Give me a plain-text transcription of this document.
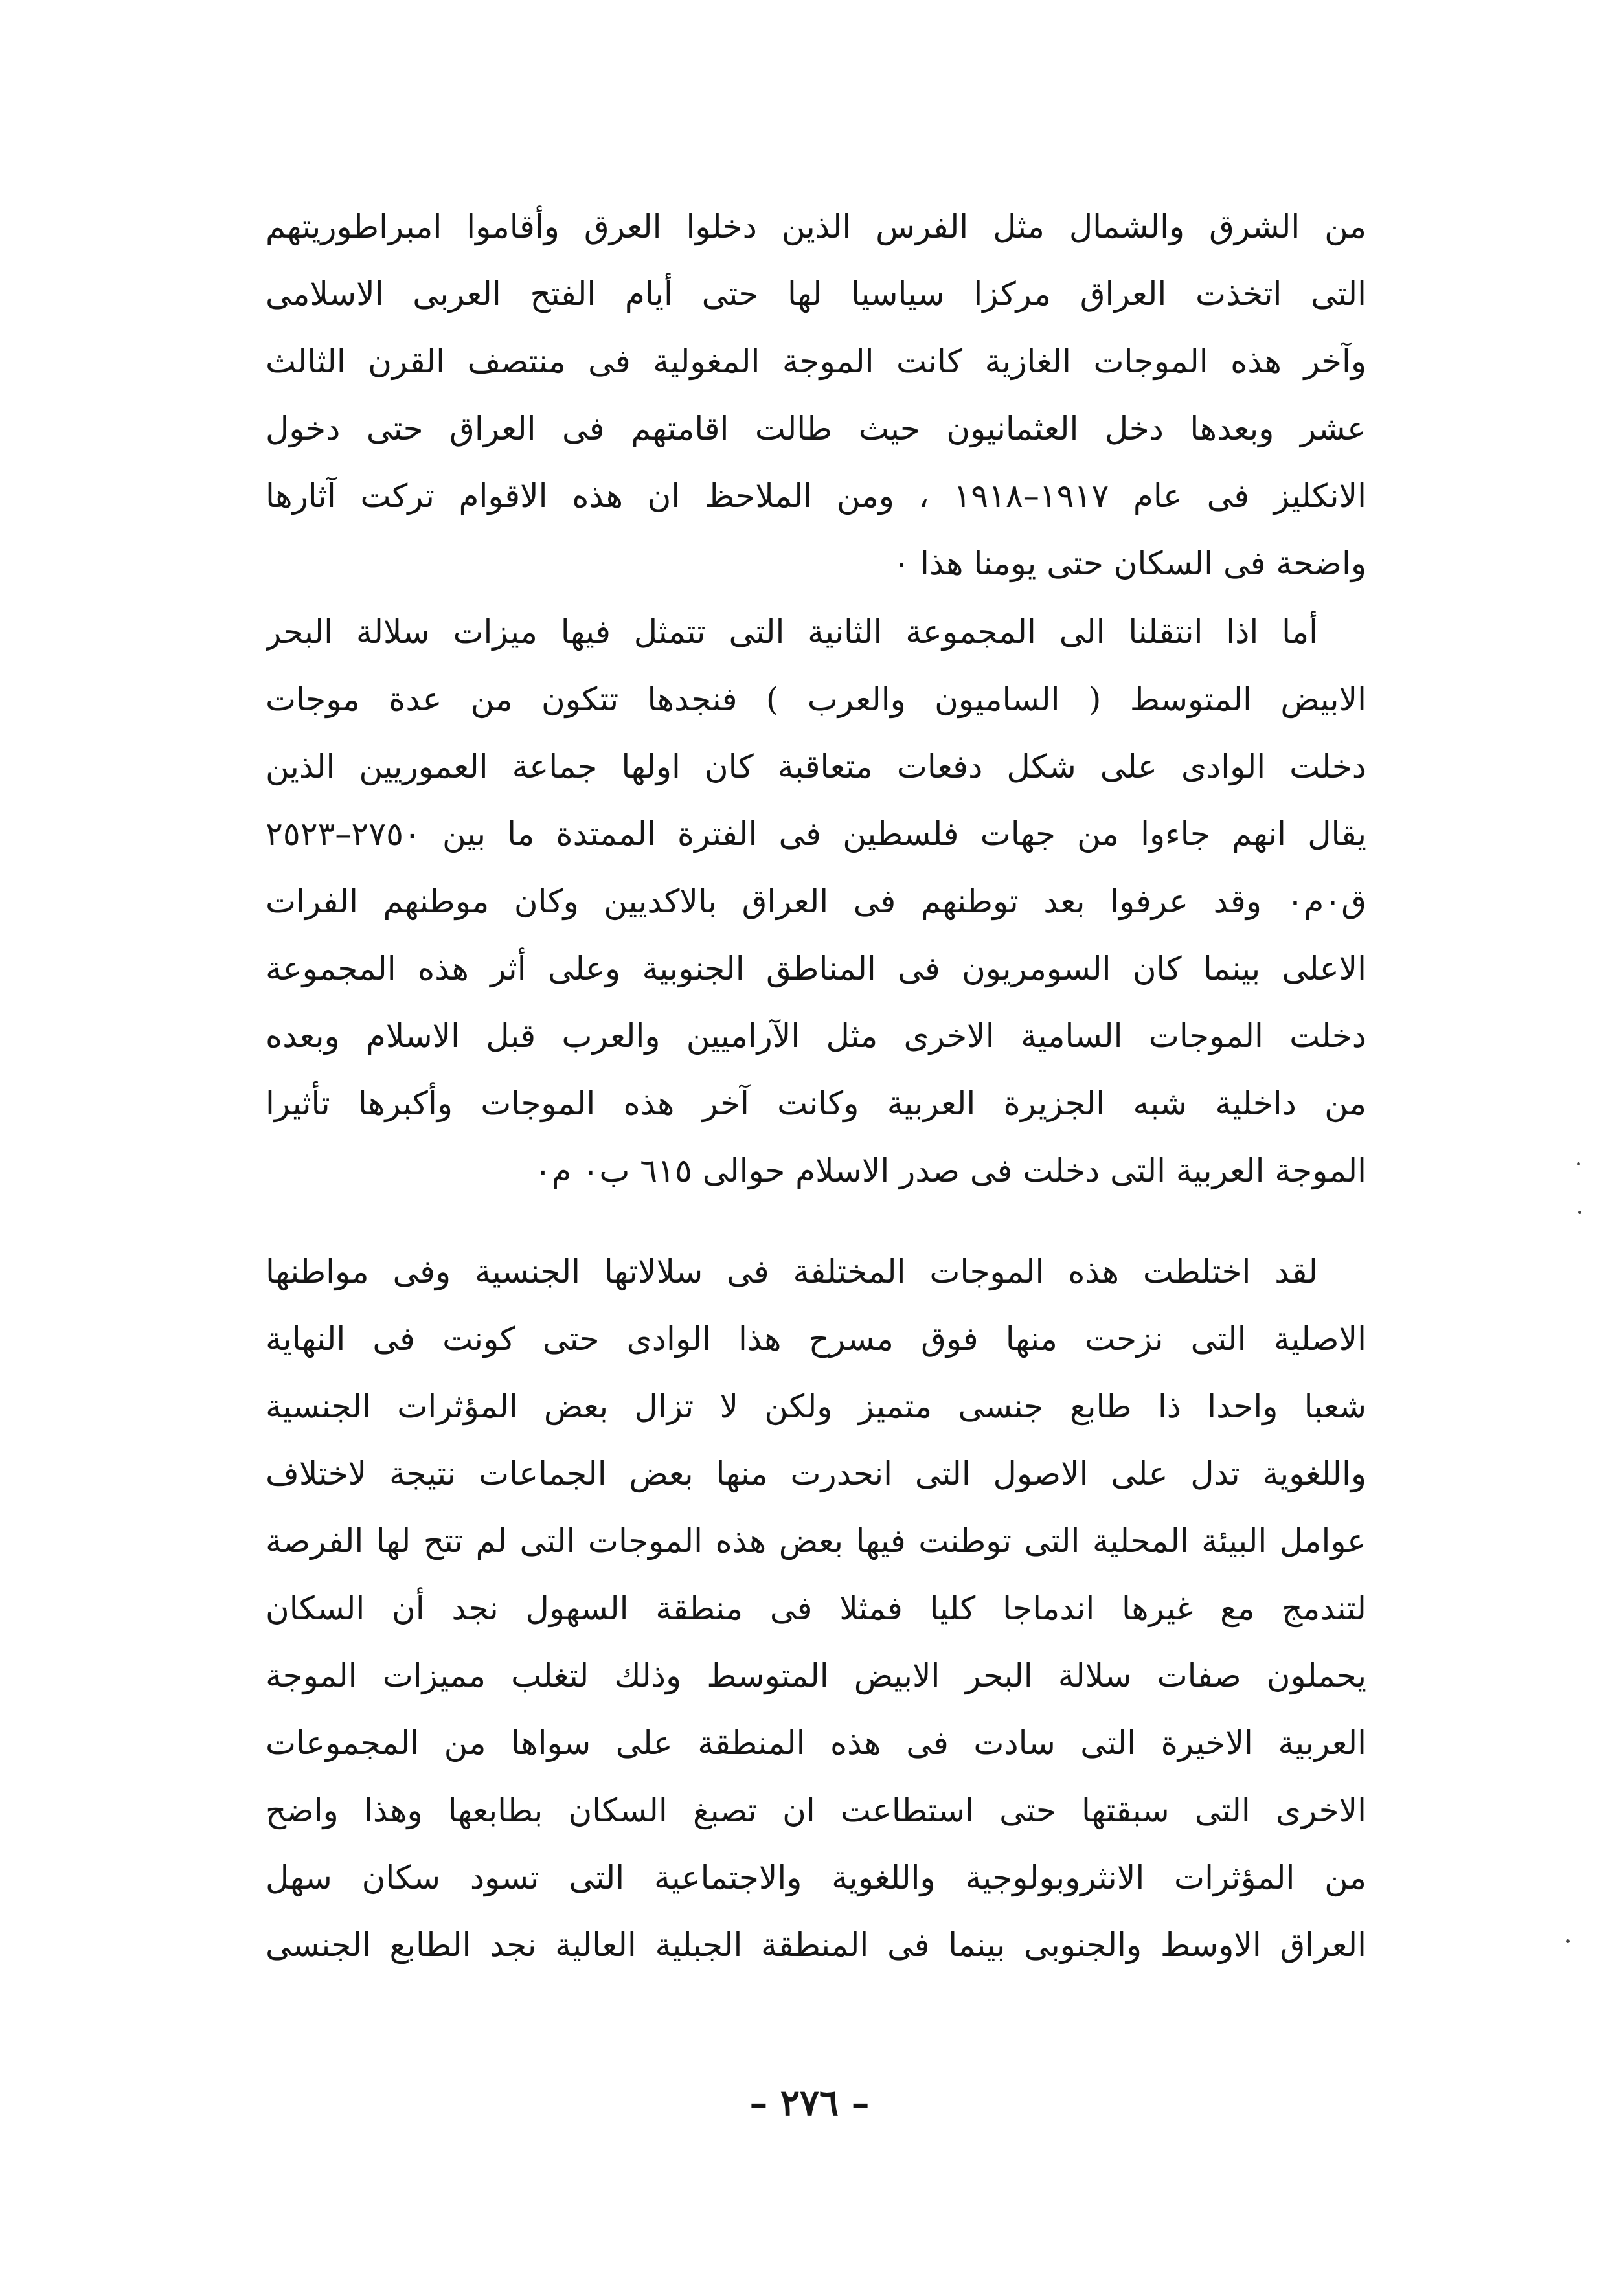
من الشرق والشمال مثل الفرس الذين دخلوا العرق وأقاموا امبراطوريتهم
التى اتخذت العراق مركزا سياسيا لها حتى أيام الفتح العربى الاسلامى
وآخر هذه الموجات الغازية كانت الموجة المغولية فى منتصف القرن الثالث
عشر وبعدها دخل العثمانيون حيث طالت اقامتهم فى العراق حتى دخول
الانكليز فى عام ١٩١٧–١٩١٨ ، ومن الملاحظ ان هذه الاقوام تركت آثارها
واضحة فى السكان حتى يومنا هذا ٠
أما اذا انتقلنا الى المجموعة الثانية التى تتمثل فيها ميزات سلالة البحر
الابيض المتوسط ( الساميون والعرب ) فنجدها تتكون من عدة موجات
دخلت الوادى على شكل دفعات متعاقبة كان اولها جماعة العموريين الذين
يقال انهم جاءوا من جهات فلسطين فى الفترة الممتدة ما بين ٢٧٥٠–٢٥٢٣
ق٠م٠ وقد عرفوا بعد توطنهم فى العراق بالاكديين وكان موطنهم الفرات
الاعلى بينما كان السومريون فى المناطق الجنوبية وعلى أثر هذه المجموعة
دخلت الموجات السامية الاخرى مثل الآراميين والعرب قبل الاسلام وبعده
من داخلية شبه الجزيرة العربية وكانت آخر هذه الموجات وأكبرها تأثيرا
الموجة العربية التى دخلت فى صدر الاسلام حوالى ٦١٥ ب٠ م٠
لقد اختلطت هذه الموجات المختلفة فى سلالاتها الجنسية وفى مواطنها
الاصلية التى نزحت منها فوق مسرح هذا الوادى حتى كونت فى النهاية
شعبا واحدا ذا طابع جنسى متميز ولكن لا تزال بعض المؤثرات الجنسية
واللغوية تدل على الاصول التى انحدرت منها بعض الجماعات نتيجة لاختلاف
عوامل البيئة المحلية التى توطنت فيها بعض هذه الموجات التى لم تتح لها الفرصة
لتندمج مع غيرها اندماجا كليا فمثلا فى منطقة السهول نجد أن السكان
يحملون صفات سلالة البحر الابيض المتوسط وذلك لتغلب مميزات الموجة
العربية الاخيرة التى سادت فى هذه المنطقة على سواها من المجموعات
الاخرى التى سبقتها حتى استطاعت ان تصبغ السكان بطابعها وهذا واضح
من المؤثرات الانثروبولوجية واللغوية والاجتماعية التى تسود سكان سهل
العراق الاوسط والجنوبى بينما فى المنطقة الجبلية العالية نجد الطابع الجنسى
– ٢٧٦ –
